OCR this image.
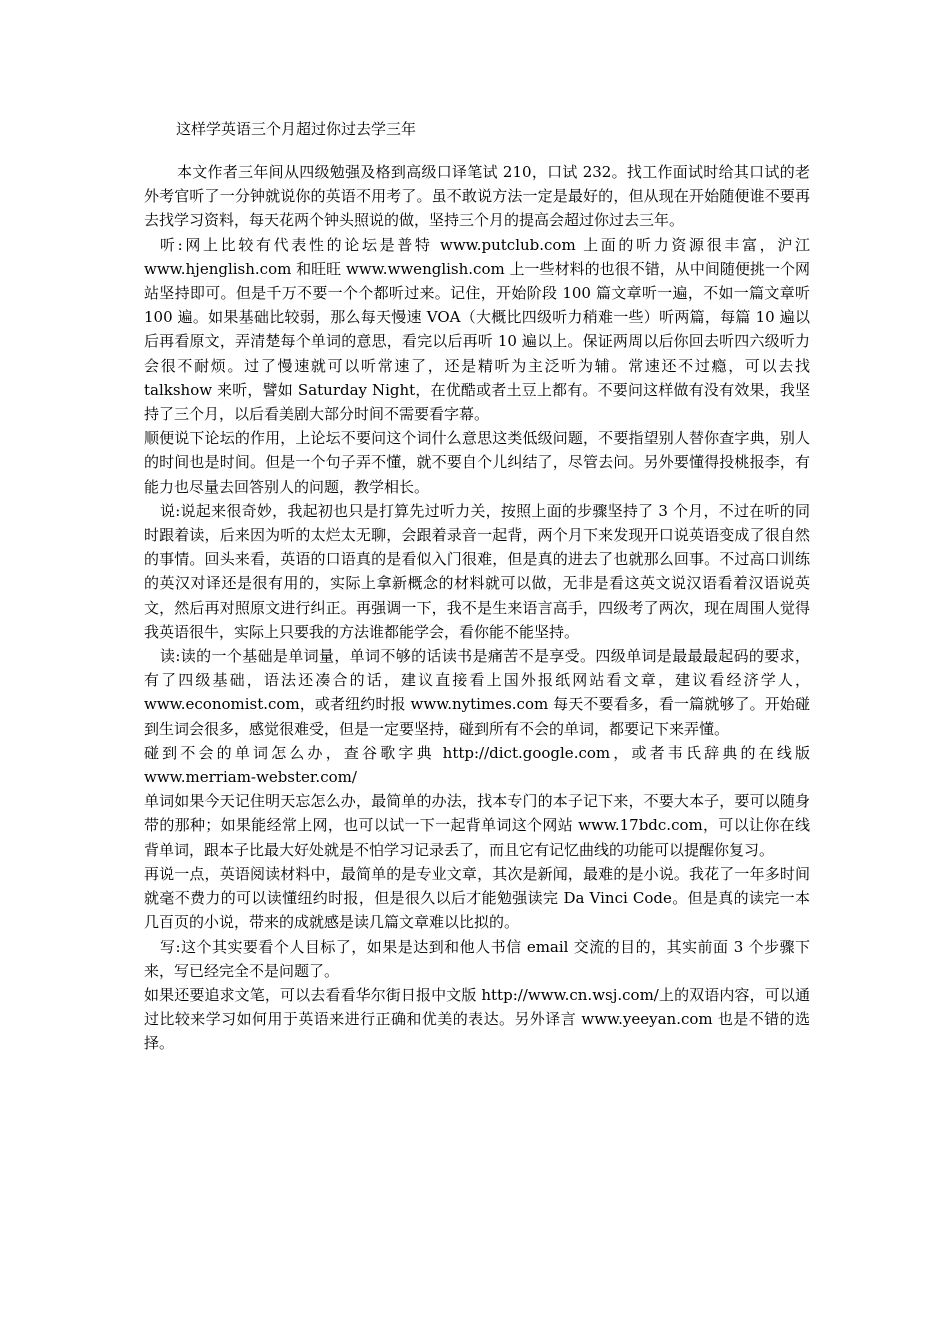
这样学英语三个月超过你过去学三年

本文作者三年间从四级勉强及格到高级口译笔试 210，口试 232。找工作面试时给其口试的老外考官听了一分钟就说你的英语不用考了。虽不敢说方法一定是最好的，但从现在开始随便谁不要再去找学习资料，每天花两个钟头照说的做，坚持三个月的提高会超过你过去三年。

听:网上比较有代表性的论坛是普特 www.putclub.com 上面的听力资源很丰富，沪江 www.hjenglish.com 和旺旺 www.wwenglish.com 上一些材料的也很不错，从中间随便挑一个网站坚持即可。但是千万不要一个个都听过来。记住，开始阶段 100 篇文章听一遍，不如一篇文章听 100 遍。如果基础比较弱，那么每天慢速 VOA（大概比四级听力稍难一些）听两篇，每篇 10 遍以后再看原文，弄清楚每个单词的意思，看完以后再听 10 遍以上。保证两周以后你回去听四六级听力会很不耐烦。过了慢速就可以听常速了，还是精听为主泛听为辅。常速还不过瘾，可以去找 talkshow 来听，譬如 Saturday Night，在优酷或者土豆上都有。不要问这样做有没有效果，我坚持了三个月，以后看美剧大部分时间不需要看字幕。

顺便说下论坛的作用，上论坛不要问这个词什么意思这类低级问题，不要指望别人替你查字典，别人的时间也是时间。但是一个句子弄不懂，就不要自个儿纠结了，尽管去问。另外要懂得投桃报李，有能力也尽量去回答别人的问题，教学相长。

说:说起来很奇妙，我起初也只是打算先过听力关，按照上面的步骤坚持了 3 个月，不过在听的同时跟着读，后来因为听的太烂太无聊，会跟着录音一起背，两个月下来发现开口说英语变成了很自然的事情。回头来看，英语的口语真的是看似入门很难，但是真的进去了也就那么回事。不过高口训练的英汉对译还是很有用的，实际上拿新概念的材料就可以做，无非是看这英文说汉语看着汉语说英文，然后再对照原文进行纠正。再强调一下，我不是生来语言高手，四级考了两次，现在周围人觉得我英语很牛，实际上只要我的方法谁都能学会，看你能不能坚持。

读:读的一个基础是单词量，单词不够的话读书是痛苦不是享受。四级单词是最最最起码的要求，有了四级基础，语法还凑合的话，建议直接看上国外报纸网站看文章，建议看经济学人，www.economist.com，或者纽约时报 www.nytimes.com 每天不要看多，看一篇就够了。开始碰到生词会很多，感觉很难受，但是一定要坚持，碰到所有不会的单词，都要记下来弄懂。

碰到不会的单词怎么办，查谷歌字典 http://dict.google.com，或者韦氏辞典的在线版 www.merriam-webster.com/

单词如果今天记住明天忘怎么办，最简单的办法，找本专门的本子记下来，不要大本子，要可以随身带的那种；如果能经常上网，也可以试一下一起背单词这个网站 www.17bdc.com，可以让你在线背单词，跟本子比最大好处就是不怕学习记录丢了，而且它有记忆曲线的功能可以提醒你复习。

再说一点，英语阅读材料中，最简单的是专业文章，其次是新闻，最难的是小说。我花了一年多时间就毫不费力的可以读懂纽约时报，但是很久以后才能勉强读完 Da Vinci Code。但是真的读完一本几百页的小说，带来的成就感是读几篇文章难以比拟的。

写:这个其实要看个人目标了，如果是达到和他人书信 email 交流的目的，其实前面 3 个步骤下来，写已经完全不是问题了。

如果还要追求文笔，可以去看看华尔街日报中文版 http://www.cn.wsj.com/上的双语内容，可以通过比较来学习如何用于英语来进行正确和优美的表达。另外译言 www.yeeyan.com 也是不错的选择。
